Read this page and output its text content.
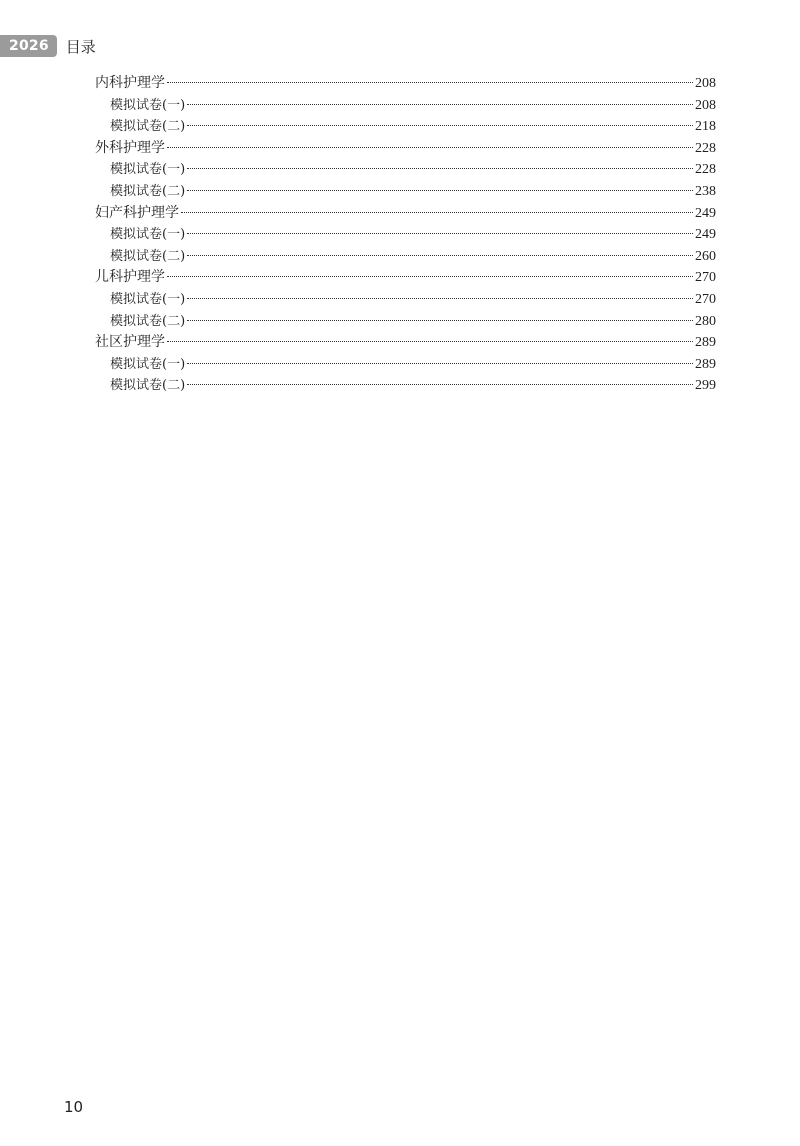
2026	目录
内科护理学	208
模拟试卷(一)	208
模拟试卷(二)	218
外科护理学	228
模拟试卷(一)	228
模拟试卷(二)	238
妇产科护理学	249
模拟试卷(一)	249
模拟试卷(二)	260
儿科护理学	270
模拟试卷(一)	270
模拟试卷(二)	280
社区护理学	289
模拟试卷(一)	289
模拟试卷(二)	299
10
